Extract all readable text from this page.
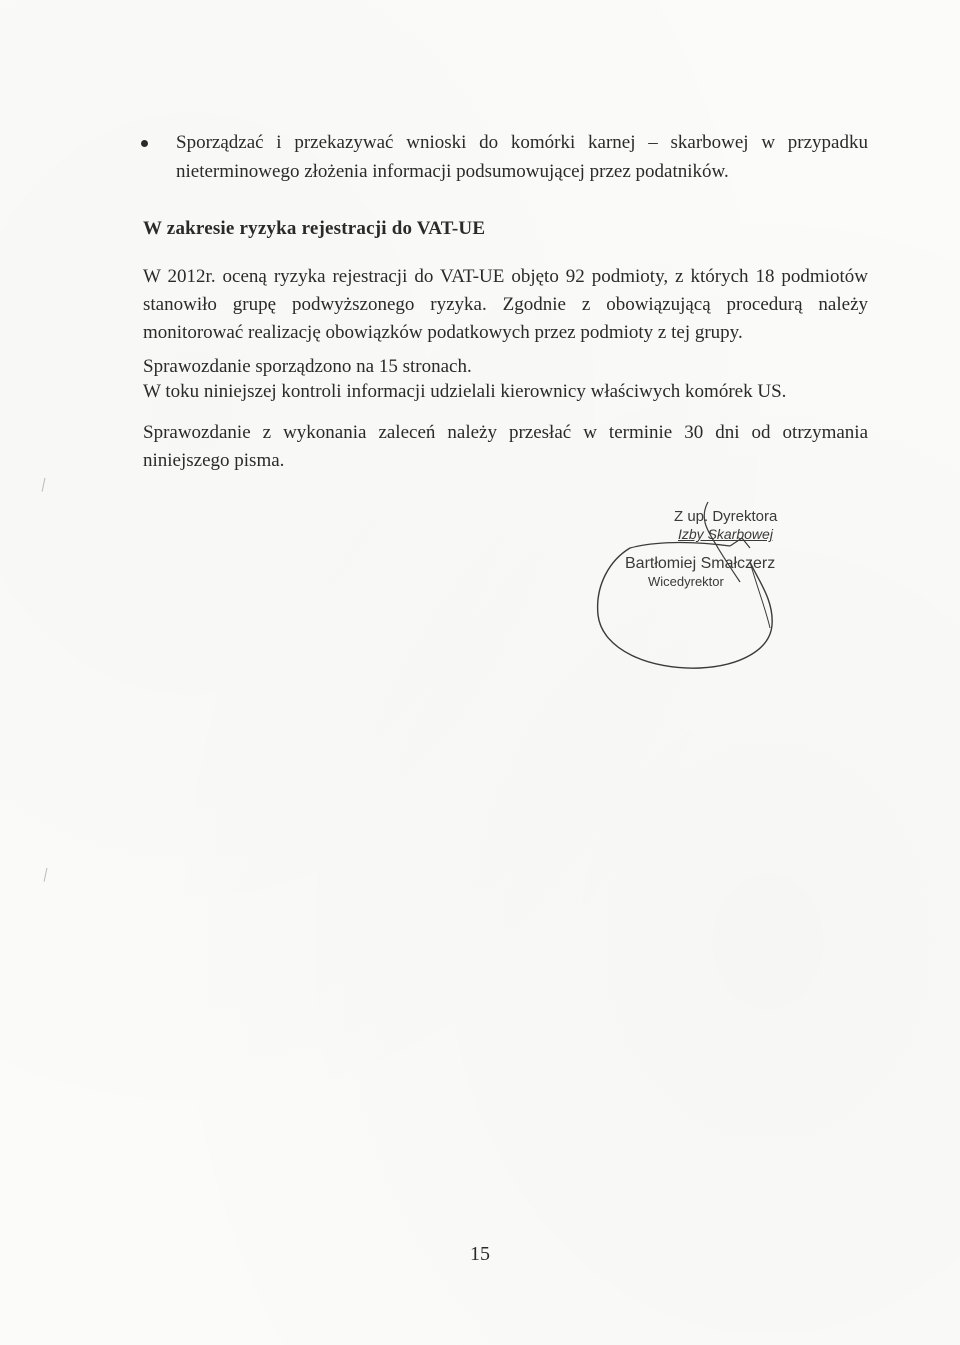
Sporządzać i przekazywać wnioski do komórki karnej – skarbowej w przypadku nieterminowego złożenia informacji podsumowującej przez podatników.
W zakresie ryzyka rejestracji do VAT-UE
W 2012r. oceną ryzyka rejestracji do VAT-UE objęto 92 podmioty, z których 18 podmiotów stanowiło grupę podwyższonego ryzyka. Zgodnie z obowiązującą procedurą należy monitorować realizację obowiązków podatkowych przez podmioty z tej grupy.
Sprawozdanie sporządzono na 15 stronach.
W toku niniejszej kontroli informacji udzielali kierownicy właściwych komórek US.
Sprawozdanie z wykonania zaleceń należy przesłać w terminie 30 dni od otrzymania niniejszego pisma.
Z up. Dyrektora
Izby Skarbowej
Bartłomiej Smałczerz
Wicedyrektor
15
